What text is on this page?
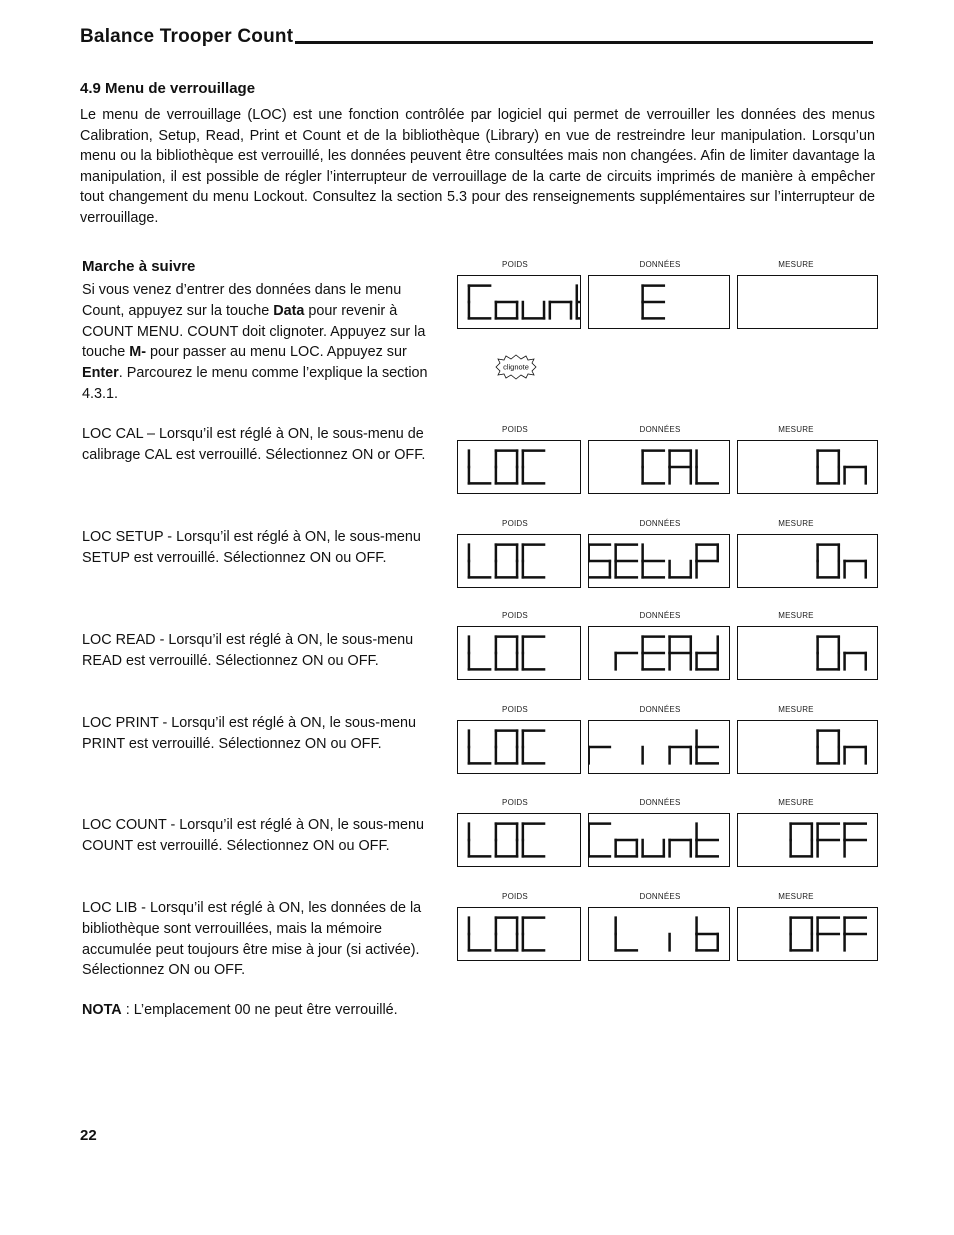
Balance Trooper Count
4.9 Menu de verrouillage
Le menu de verrouillage (LOC) est une fonction contrôlée par logiciel qui permet de verrouiller les données des menus Calibration, Setup, Read, Print et Count et de la bibliothèque (Library) en vue de restreindre leur manipulation. Lorsqu’un menu ou la bibliothèque est verrouillé, les données peuvent être consultées mais non changées. Afin de limiter davantage la manipulation, il est possible de régler l’interrupteur de verrouillage de la carte de circuits imprimés de manière à empêcher tout changement du menu Lockout. Consultez la section 5.3 pour des renseignements supplémentaires sur l’interrupteur de verrouillage.
Marche à suivre
Si vous venez d’entrer des données dans le menu Count, appuyez sur la touche Data pour revenir à COUNT MENU. COUNT doit clignoter. Appuyez sur la touche M- pour passer au menu LOC. Appuyez sur Enter. Parcourez le menu comme l’explique la section 4.3.1.
LOC CAL – Lorsqu’il est réglé à ON, le sous-menu de calibrage CAL est verrouillé. Sélectionnez ON or OFF.
LOC SETUP - Lorsqu’il est réglé à ON, le sous-menu SETUP est verrouillé. Sélectionnez ON ou OFF.
LOC READ - Lorsqu’il est réglé à ON, le sous-menu READ est verrouillé. Sélectionnez ON ou OFF.
LOC PRINT - Lorsqu’il est réglé à ON, le sous-menu PRINT est verrouillé. Sélectionnez ON ou OFF.
LOC COUNT - Lorsqu’il est réglé à ON, le sous-menu COUNT est verrouillé. Sélectionnez ON ou OFF.
LOC LIB - Lorsqu’il est réglé à ON, les données de la bibliothèque sont verrouillées, mais la mémoire accumulée peut toujours être mise à jour (si activée). Sélectionnez ON ou OFF.
NOTA : L’emplacement 00 ne peut être verrouillé.
22
clignote
POIDS	DONNÉES	MESURE
POIDS	DONNÉES	MESURE
POIDS	DONNÉES	MESURE
POIDS	DONNÉES	MESURE
POIDS	DONNÉES	MESURE
POIDS	DONNÉES	MESURE
POIDS	DONNÉES	MESURE
